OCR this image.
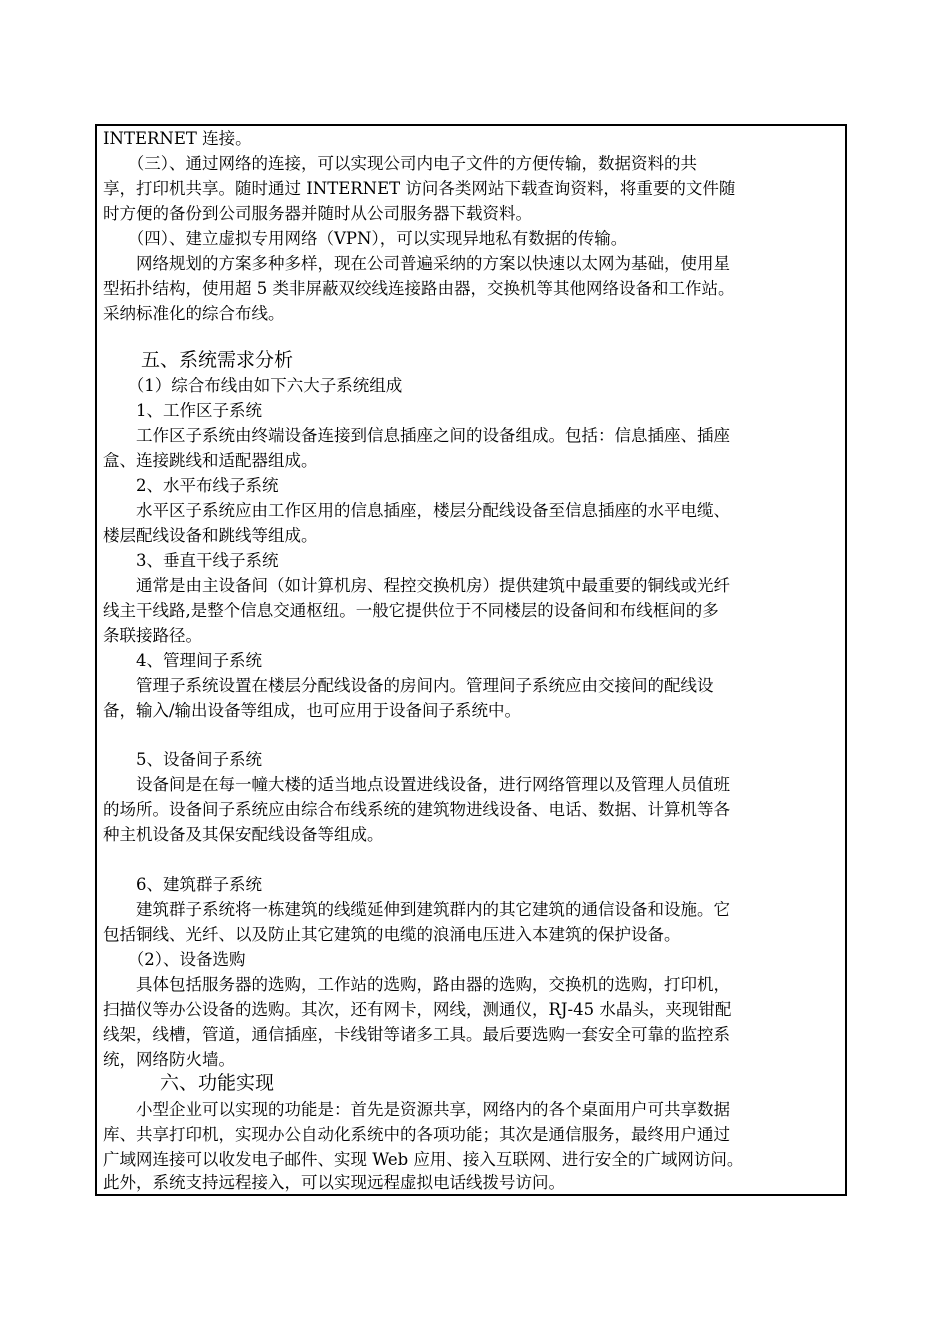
INTERNET 连接。
　　（三）、通过网络的连接，可以实现公司内电子文件的方便传输，数据资料的共
享，打印机共享。随时通过 INTERNET 访问各类网站下载查询资料，将重要的文件随
时方便的备份到公司服务器并随时从公司服务器下载资料。
　　（四）、建立虚拟专用网络（VPN），可以实现异地私有数据的传输。
　　网络规划的方案多种多样，现在公司普遍采纳的方案以快速以太网为基础，使用星
型拓扑结构，使用超 5 类非屏蔽双绞线连接路由器，交换机等其他网络设备和工作站。
采纳标准化的综合布线。
　　五、系统需求分析
　　（1）综合布线由如下六大子系统组成
　　1、工作区子系统
　　工作区子系统由终端设备连接到信息插座之间的设备组成。包括：信息插座、插座
盒、连接跳线和适配器组成。
　　2、水平布线子系统
　　水平区子系统应由工作区用的信息插座，楼层分配线设备至信息插座的水平电缆、
楼层配线设备和跳线等组成。
　　3、垂直干线子系统
　　通常是由主设备间（如计算机房、程控交换机房）提供建筑中最重要的铜线或光纤
线主干线路,是整个信息交通枢纽。一般它提供位于不同楼层的设备间和布线框间的多
条联接路径。
　　4、管理间子系统
　　管理子系统设置在楼层分配线设备的房间内。管理间子系统应由交接间的配线设
备，输入/输出设备等组成，也可应用于设备间子系统中。
　　5、设备间子系统
　　设备间是在每一幢大楼的适当地点设置进线设备，进行网络管理以及管理人员值班
的场所。设备间子系统应由综合布线系统的建筑物进线设备、电话、数据、计算机等各
种主机设备及其保安配线设备等组成。
　　6、建筑群子系统
　　建筑群子系统将一栋建筑的线缆延伸到建筑群内的其它建筑的通信设备和设施。它
包括铜线、光纤、以及防止其它建筑的电缆的浪涌电压进入本建筑的保护设备。
　　（2）、设备选购
　　具体包括服务器的选购，工作站的选购，路由器的选购，交换机的选购，打印机，
扫描仪等办公设备的选购。其次，还有网卡，网线，测通仪，RJ-45 水晶头，夹现钳配
线架，线槽，管道，通信插座，卡线钳等诸多工具。最后要选购一套安全可靠的监控系
统，网络防火墙。
　　　六、功能实现
　　小型企业可以实现的功能是：首先是资源共享，网络内的各个桌面用户可共享数据
库、共享打印机，实现办公自动化系统中的各项功能；其次是通信服务，最终用户通过
广域网连接可以收发电子邮件、实现 Web 应用、接入互联网、进行安全的广域网访问。
此外，系统支持远程接入，可以实现远程虚拟电话线拨号访问。
